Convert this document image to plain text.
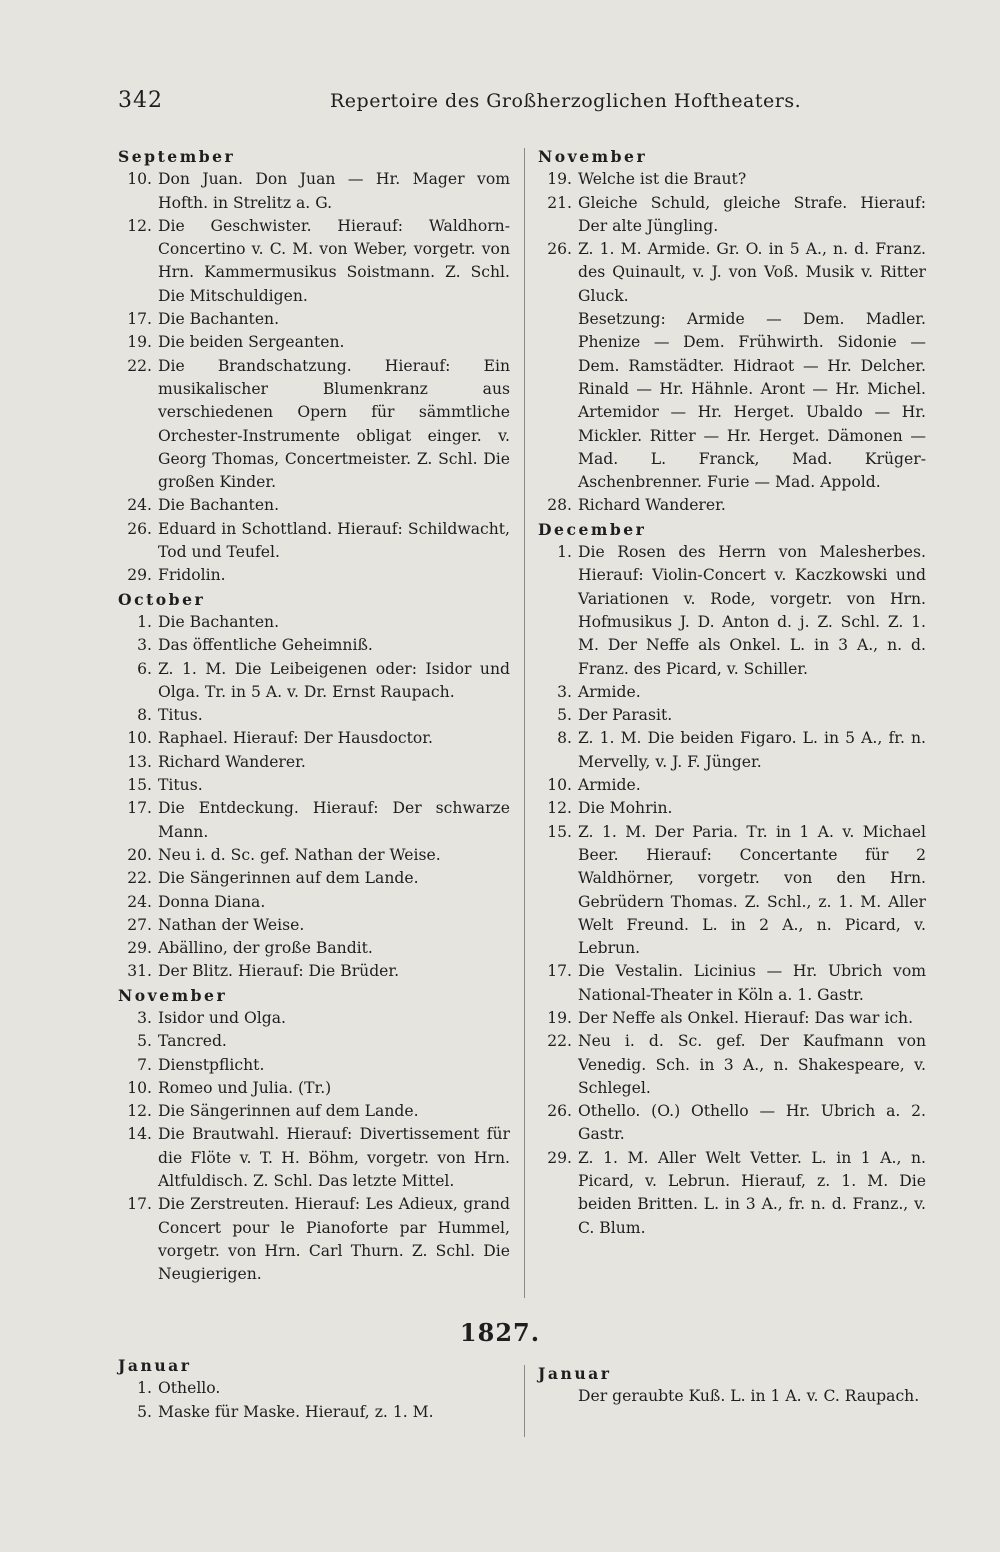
342	Repertoire des Großherzoglichen Hoftheaters.

September

10. Don Juan. Don Juan — Hr. Mager vom Hofth. in Strelitz a. G.
12. Die Geschwister. Hierauf: Waldhorn-Concertino v. C. M. von Weber, vorgetr. von Hrn. Kammermusikus Soistmann. Z. Schl. Die Mitschuldigen.
17. Die Bachanten.
19. Die beiden Sergeanten.
22. Die Brandschatzung. Hierauf: Ein musikalischer Blumenkranz aus verschiedenen Opern für sämmtliche Orchester-Instrumente obligat einger. v. Georg Thomas, Concertmeister. Z. Schl. Die großen Kinder.
24. Die Bachanten.
26. Eduard in Schottland. Hierauf: Schildwacht, Tod und Teufel.
29. Fridolin.

October

1. Die Bachanten.
3. Das öffentliche Geheimniß.
6. Z. 1. M. Die Leibeigenen oder: Isidor und Olga. Tr. in 5 A. v. Dr. Ernst Raupach.
8. Titus.
10. Raphael. Hierauf: Der Hausdoctor.
13. Richard Wanderer.
15. Titus.
17. Die Entdeckung. Hierauf: Der schwarze Mann.
20. Neu i. d. Sc. gef. Nathan der Weise.
22. Die Sängerinnen auf dem Lande.
24. Donna Diana.
27. Nathan der Weise.
29. Abällino, der große Bandit.
31. Der Blitz. Hierauf: Die Brüder.

November

3. Isidor und Olga.
5. Tancred.
7. Dienstpflicht.
10. Romeo und Julia. (Tr.)
12. Die Sängerinnen auf dem Lande.
14. Die Brautwahl. Hierauf: Divertissement für die Flöte v. T. H. Böhm, vorgetr. von Hrn. Altfuldisch. Z. Schl. Das letzte Mittel.
17. Die Zerstreuten. Hierauf: Les Adieux, grand Concert pour le Pianoforte par Hummel, vorgetr. von Hrn. Carl Thurn. Z. Schl. Die Neugierigen.

November

19. Welche ist die Braut?
21. Gleiche Schuld, gleiche Strafe. Hierauf: Der alte Jüngling.
26. Z. 1. M. Armide. Gr. O. in 5 A., n. d. Franz. des Quinault, v. J. von Voß. Musik v. Ritter Gluck.

Besetzung: Armide — Dem. Madler. Phenize — Dem. Frühwirth. Sidonie — Dem. Ramstädter. Hidraot — Hr. Delcher. Rinald — Hr. Hähnle. Aront — Hr. Michel. Artemidor — Hr. Herget. Ubaldo — Hr. Mickler. Ritter — Hr. Herget. Dämonen — Mad. L. Franck, Mad. Krüger-Aschenbrenner. Furie — Mad. Appold.

28. Richard Wanderer.

December

1. Die Rosen des Herrn von Malesherbes. Hierauf: Violin-Concert v. Kaczkowski und Variationen v. Rode, vorgetr. von Hrn. Hofmusikus J. D. Anton d. j. Z. Schl. Z. 1. M. Der Neffe als Onkel. L. in 3 A., n. d. Franz. des Picard, v. Schiller.
3. Armide.
5. Der Parasit.
8. Z. 1. M. Die beiden Figaro. L. in 5 A., fr. n. Mervelly, v. J. F. Jünger.
10. Armide.
12. Die Mohrin.
15. Z. 1. M. Der Paria. Tr. in 1 A. v. Michael Beer. Hierauf: Concertante für 2 Waldhörner, vorgetr. von den Hrn. Gebrüdern Thomas. Z. Schl., z. 1. M. Aller Welt Freund. L. in 2 A., n. Picard, v. Lebrun.
17. Die Vestalin. Licinius — Hr. Ubrich vom National-Theater in Köln a. 1. Gastr.
19. Der Neffe als Onkel. Hierauf: Das war ich.
22. Neu i. d. Sc. gef. Der Kaufmann von Venedig. Sch. in 3 A., n. Shakespeare, v. Schlegel.
26. Othello. (O.) Othello — Hr. Ubrich a. 2. Gastr.
29. Z. 1. M. Aller Welt Vetter. L. in 1 A., n. Picard, v. Lebrun. Hierauf, z. 1. M. Die beiden Britten. L. in 3 A., fr. n. d. Franz., v. C. Blum.
1827.

Januar

1. Othello.
5. Maske für Maske. Hierauf, z. 1. M.

Januar

Der geraubte Kuß. L. in 1 A. v. C. Raupach.
